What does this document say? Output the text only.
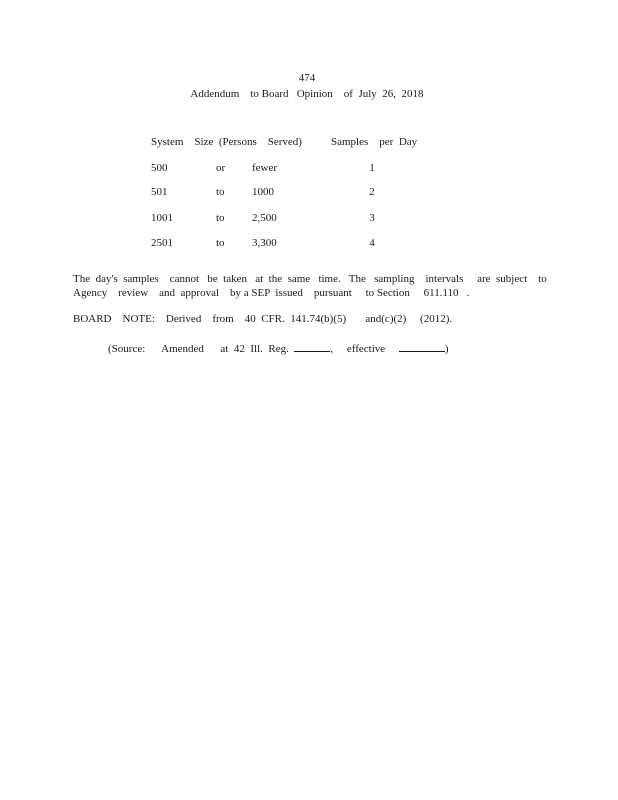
474
Addendum    to Board   Opinion    of  July  26,  2018
System    Size  (Persons    Served)	Samples    per  Day
500	or fewer	1
501	to 1000	2
1001	to 2,500	3
2501	to 3,300	4
The  day's  samples    cannot   be  taken   at  the  same   time.   The   sampling    intervals     are  subject    to
Agency    review    and  approval    by a SEP  issued    pursuant     to Section     611.110   .
BOARD    NOTE:    Derived    from    40  CFR.  141.74(b)(5)       and(c)(2)     (2012).
(Source:      Amended      at  42  Ill.  Reg.	, effective	)
